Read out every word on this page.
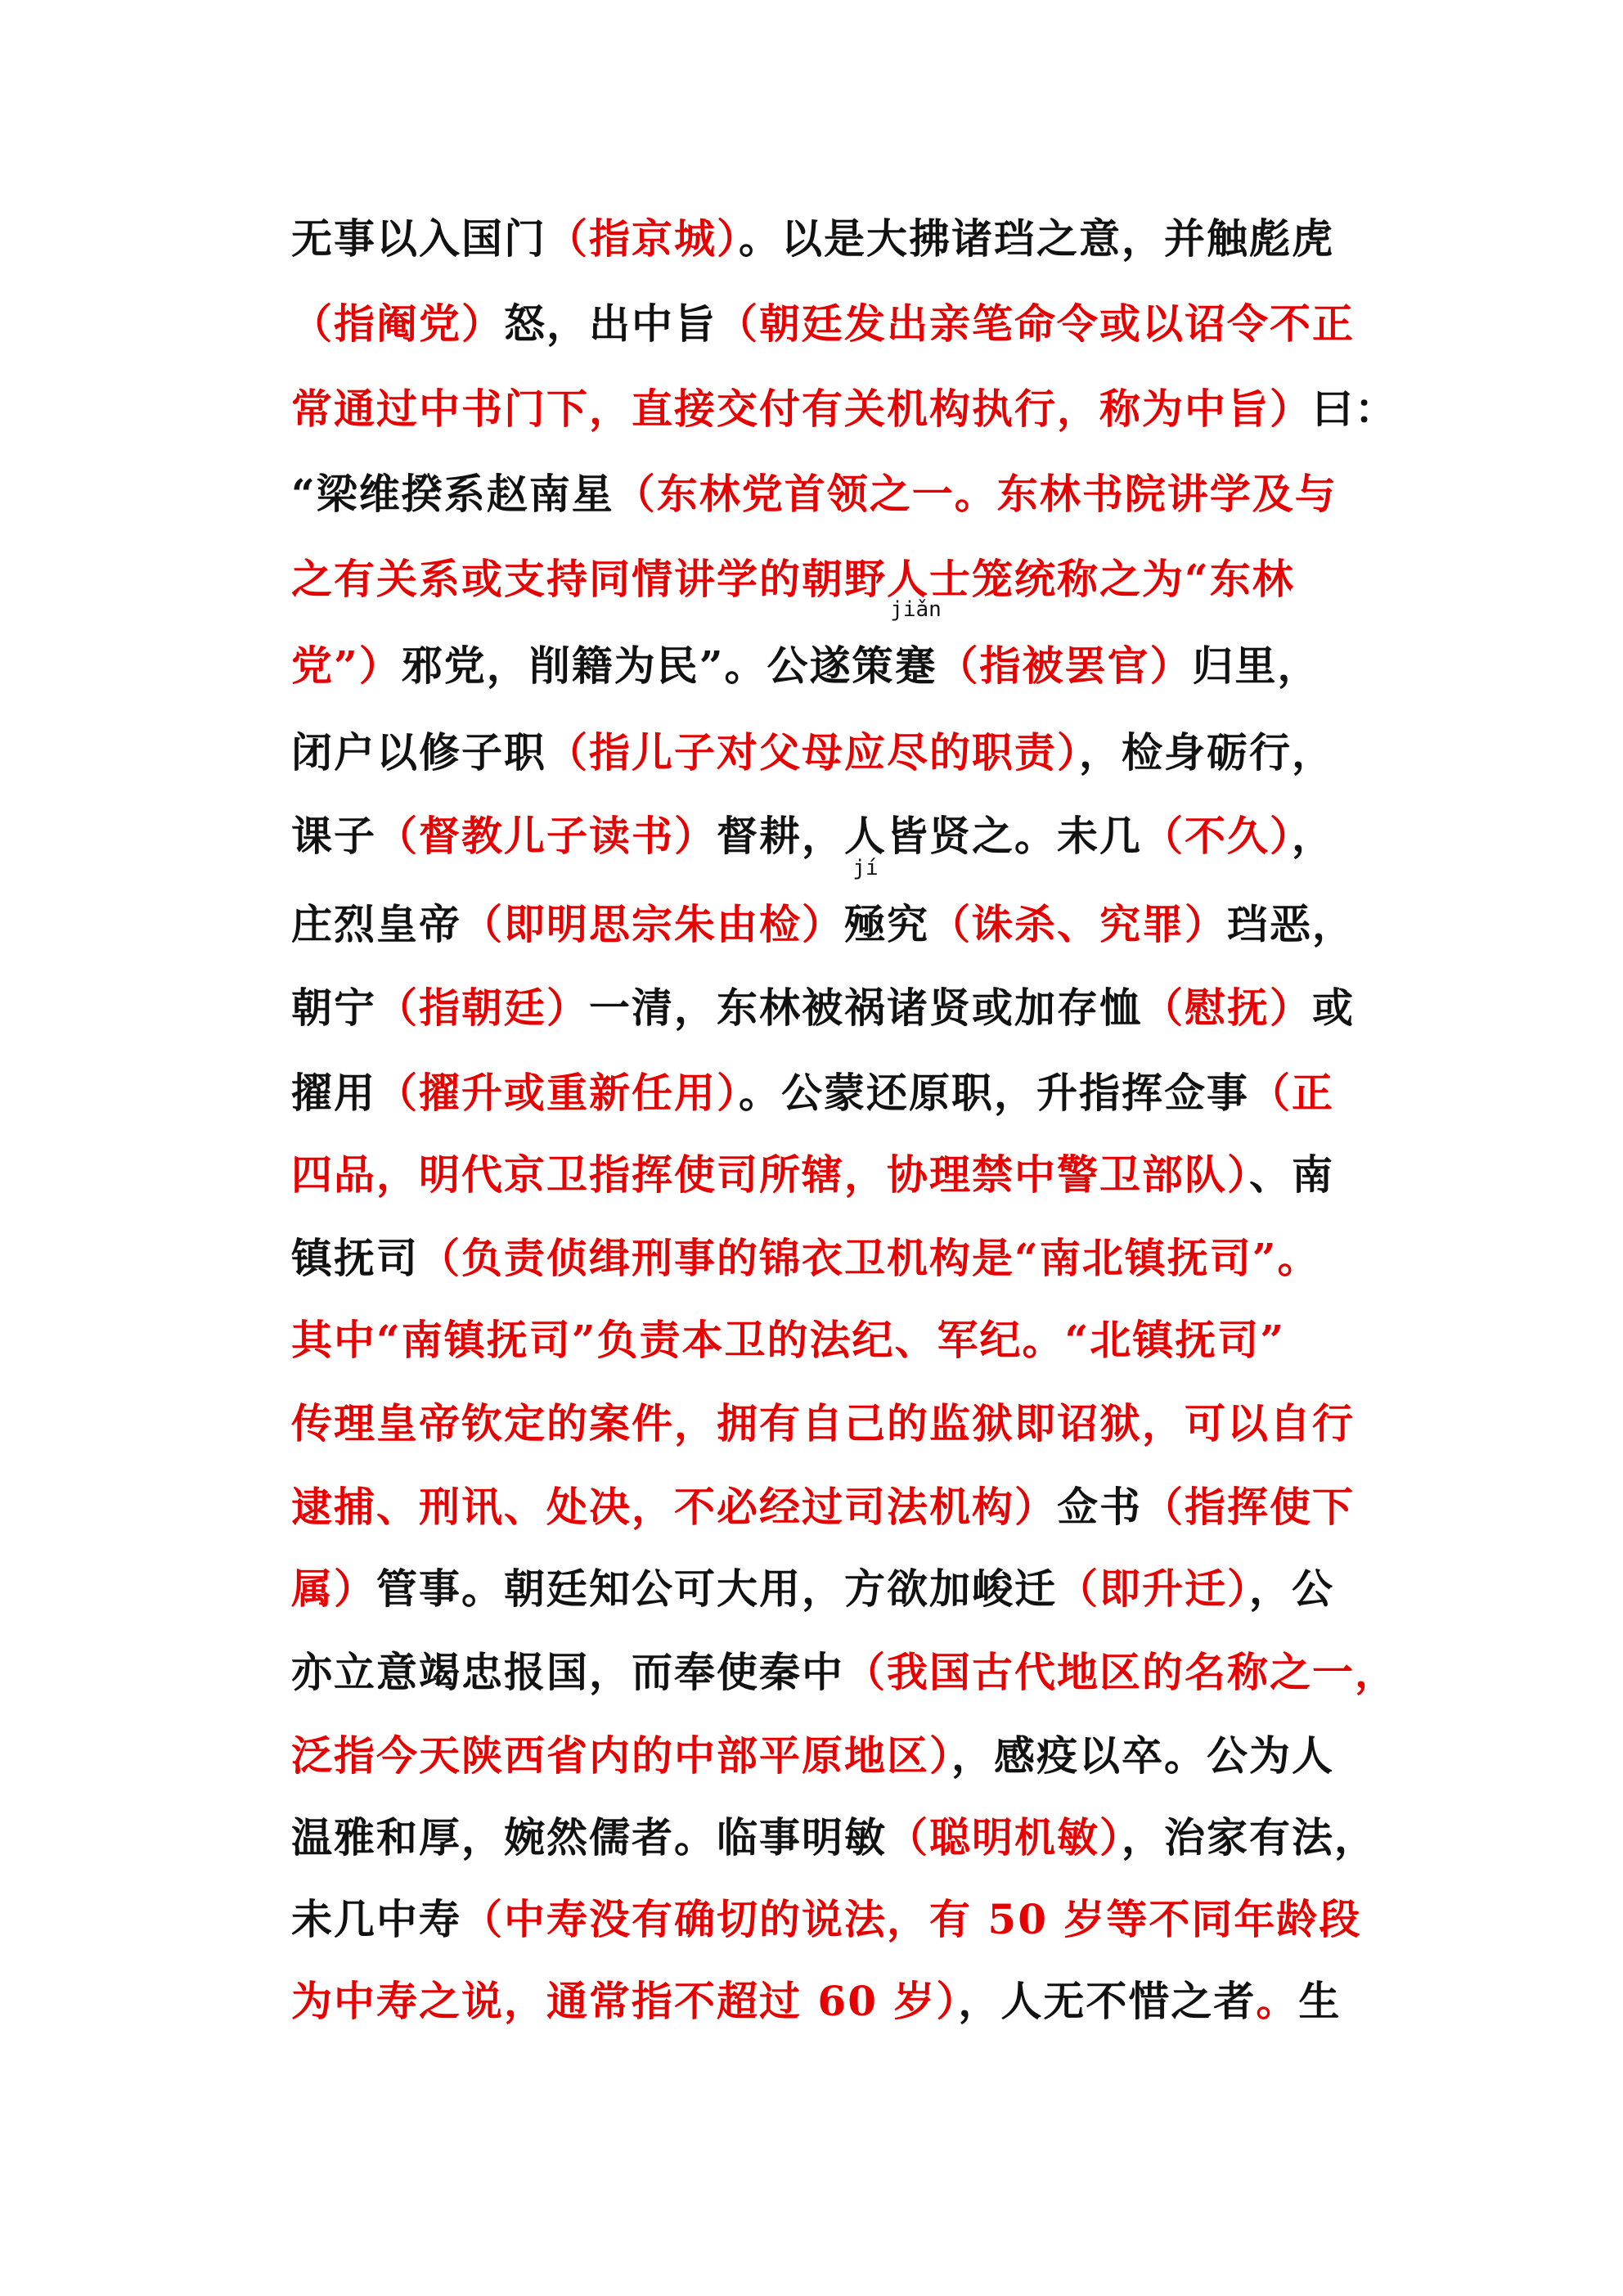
无事以入国门（指京城）。以是大拂诸珰之意，并触彪虎
（指阉党）怒，出中旨（朝廷发出亲笔命令或以诏令不正
常通过中书门下，直接交付有关机构执行，称为中旨）曰：
“梁维揆系赵南星（东林党首领之一。东林书院讲学及与
之有关系或支持同情讲学的朝野人士笼统称之为“东林
党”）邪党，削籍为民”。公遂策蹇
jiǎn
（指被罢官）归里，
闭户以修子职（指儿子对父母应尽的职责），检身砺行，
课子（督教儿子读书）督耕，人皆贤之。未几（不久），
庄烈皇帝（即明思宗朱由检）殛
jí
究（诛杀、究罪）珰恶，
朝宁（指朝廷）一清，东林被祸诸贤或加存恤（慰抚）或
擢用（擢升或重新任用）。公蒙还原职，升指挥佥事（正
四品，明代京卫指挥使司所辖，协理禁中警卫部队）、南
镇抚司（负责侦缉刑事的锦衣卫机构是“南北镇抚司”。
其中“南镇抚司”负责本卫的法纪、军纪。“北镇抚司”
传理皇帝钦定的案件，拥有自己的监狱即诏狱，可以自行
逮捕、刑讯、处决，不必经过司法机构）佥书（指挥使下
属）管事。朝廷知公可大用，方欲加峻迁（即升迁），公
亦立意竭忠报国，而奉使秦中（我国古代地区的名称之一，
泛指今天陕西省内的中部平原地区），感疫以卒。公为人
温雅和厚，婉然儒者。临事明敏（聪明机敏），治家有法，
未几中寿（中寿没有确切的说法，有 50 岁等不同年龄段
为中寿之说，通常指不超过 60 岁），人无不惜之者。生
